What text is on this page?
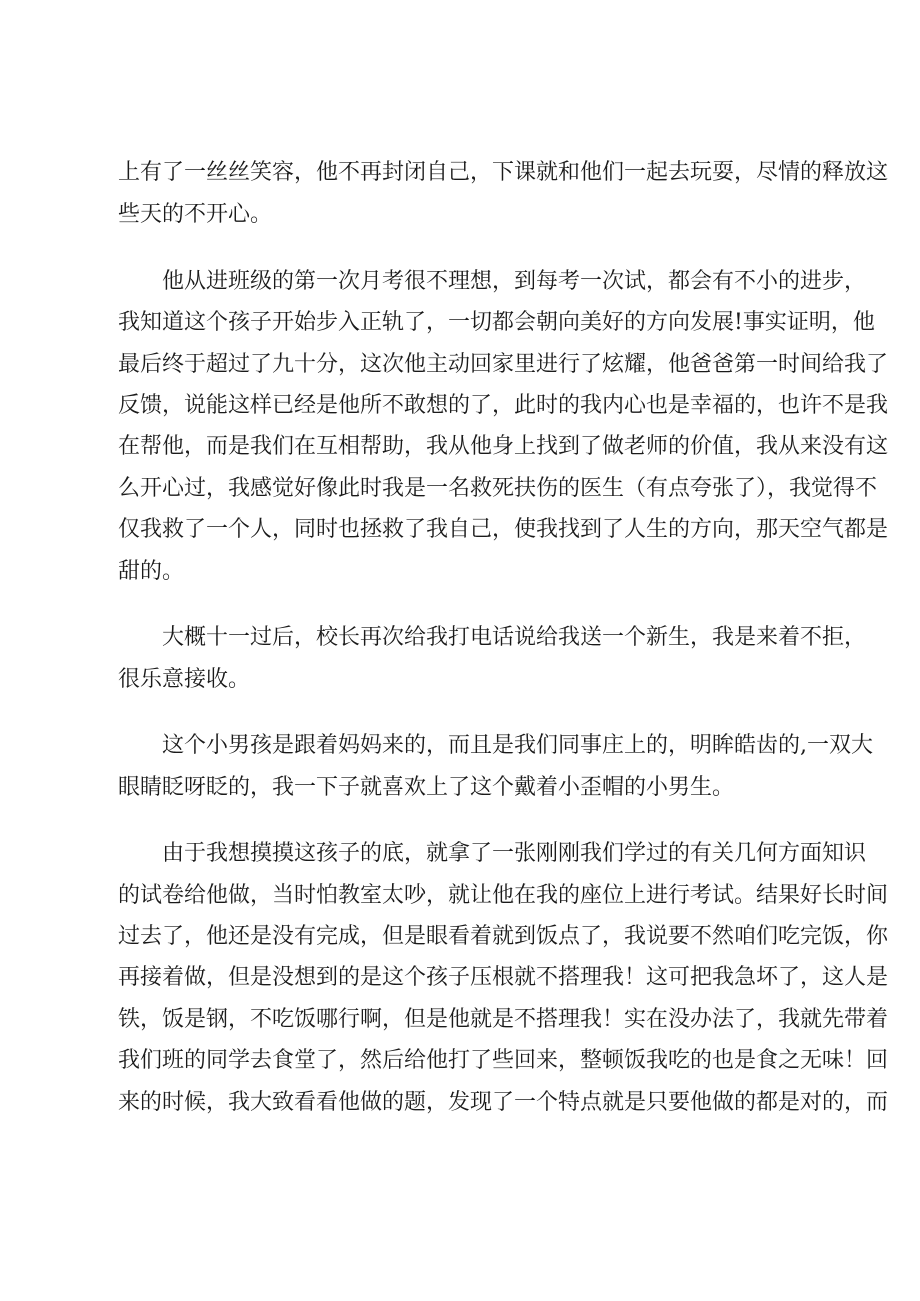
上有了一丝丝笑容，他不再封闭自己，下课就和他们一起去玩耍，尽情的释放这
些天的不开心。
　　他从进班级的第一次月考很不理想，到每考一次试，都会有不小的进步，
我知道这个孩子开始步入正轨了，一切都会朝向美好的方向发展!事实证明，他
最后终于超过了九十分，这次他主动回家里进行了炫耀，他爸爸第一时间给我了
反馈，说能这样已经是他所不敢想的了，此时的我内心也是幸福的，也许不是我
在帮他，而是我们在互相帮助，我从他身上找到了做老师的价值，我从来没有这
么开心过，我感觉好像此时我是一名救死扶伤的医生（有点夸张了），我觉得不
仅我救了一个人，同时也拯救了我自己，使我找到了人生的方向，那天空气都是
甜的。
　　大概十一过后，校长再次给我打电话说给我送一个新生，我是来着不拒，
很乐意接收。
　　这个小男孩是跟着妈妈来的，而且是我们同事庄上的，明眸皓齿的,一双大
眼睛眨呀眨的，我一下子就喜欢上了这个戴着小歪帽的小男生。
　　由于我想摸摸这孩子的底，就拿了一张刚刚我们学过的有关几何方面知识
的试卷给他做，当时怕教室太吵，就让他在我的座位上进行考试。结果好长时间
过去了，他还是没有完成，但是眼看着就到饭点了，我说要不然咱们吃完饭，你
再接着做，但是没想到的是这个孩子压根就不搭理我！这可把我急坏了，这人是
铁，饭是钢，不吃饭哪行啊，但是他就是不搭理我！实在没办法了，我就先带着
我们班的同学去食堂了，然后给他打了些回来，整顿饭我吃的也是食之无味！回
来的时候，我大致看看他做的题，发现了一个特点就是只要他做的都是对的，而
